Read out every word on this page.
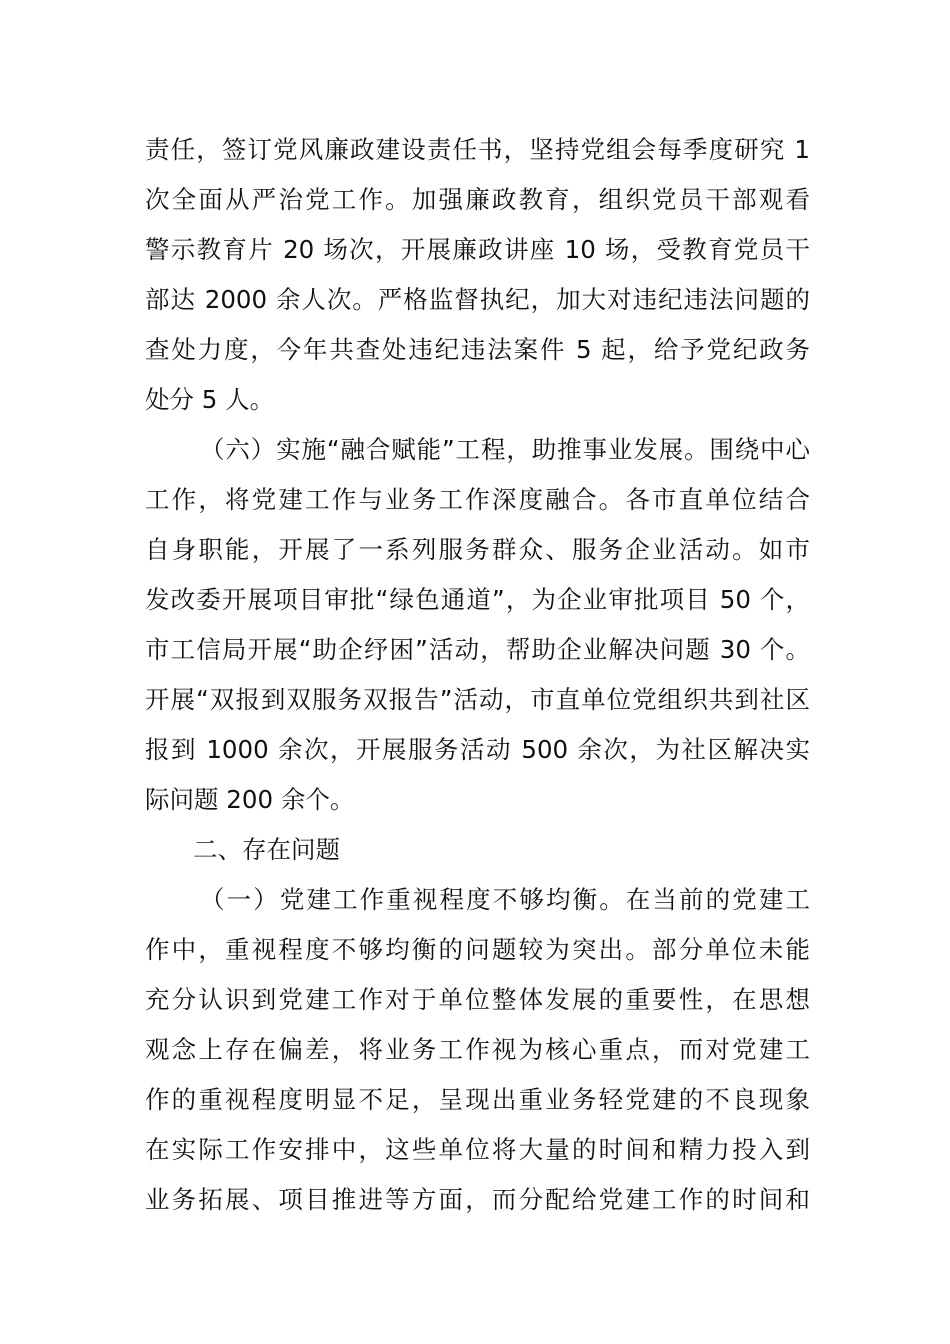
责任，签订党风廉政建设责任书，坚持党组会每季度研究 1
次全面从严治党工作。加强廉政教育，组织党员干部观看
警示教育片 20 场次，开展廉政讲座 10 场，受教育党员干
部达 2000 余人次。严格监督执纪，加大对违纪违法问题的
查处力度，今年共查处违纪违法案件 5 起，给予党纪政务
处分 5 人。
（六）实施“融合赋能”工程，助推事业发展。围绕中心
工作，将党建工作与业务工作深度融合。各市直单位结合
自身职能，开展了一系列服务群众、服务企业活动。如市
发改委开展项目审批“绿色通道”，为企业审批项目 50 个，
市工信局开展“助企纾困”活动，帮助企业解决问题 30 个。
开展“双报到双服务双报告”活动，市直单位党组织共到社区
报到 1000 余次，开展服务活动 500 余次，为社区解决实
际问题 200 余个。
二、存在问题
（一）党建工作重视程度不够均衡。在当前的党建工
作中，重视程度不够均衡的问题较为突出。部分单位未能
充分认识到党建工作对于单位整体发展的重要性，在思想
观念上存在偏差，将业务工作视为核心重点，而对党建工
作的重视程度明显不足，呈现出重业务轻党建的不良现象
在实际工作安排中，这些单位将大量的时间和精力投入到
业务拓展、项目推进等方面，而分配给党建工作的时间和
